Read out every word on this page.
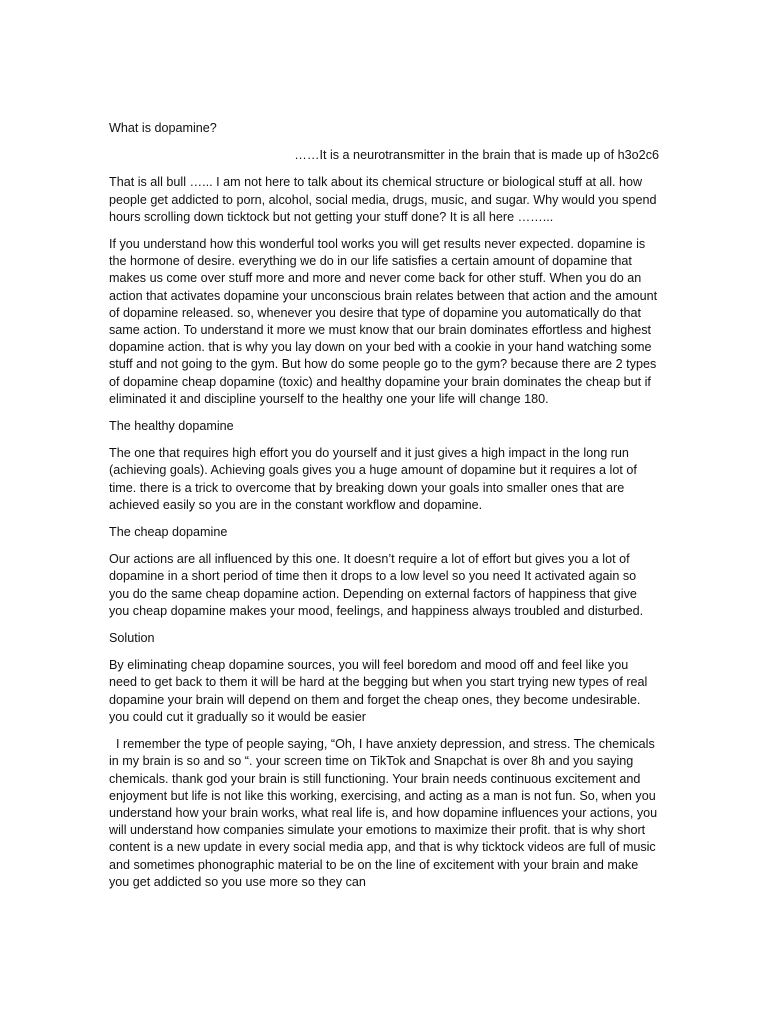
What is dopamine?

……It is a neurotransmitter in the brain that is made up of h3o2c6

That is all bull …... I am not here to talk about its chemical structure or biological stuff at all. how people get addicted to porn, alcohol, social media, drugs, music, and sugar. Why would you spend hours scrolling down ticktock but not getting your stuff done? It is all here ……...

If you understand how this wonderful tool works you will get results never expected. dopamine is the hormone of desire. everything we do in our life satisfies a certain amount of dopamine that makes us come over stuff more and more and never come back for other stuff. When you do an action that activates dopamine your unconscious brain relates between that action and the amount of dopamine released. so, whenever you desire that type of dopamine you automatically do that same action. To understand it more we must know that our brain dominates effortless and highest dopamine action. that is why you lay down on your bed with a cookie in your hand watching some stuff and not going to the gym. But how do some people go to the gym? because there are 2 types of dopamine cheap dopamine (toxic) and healthy dopamine your brain dominates the cheap but if eliminated it and discipline yourself to the healthy one your life will change 180.

The healthy dopamine

The one that requires high effort you do yourself and it just gives a high impact in the long run (achieving goals). Achieving goals gives you a huge amount of dopamine but it requires a lot of time. there is a trick to overcome that by breaking down your goals into smaller ones that are achieved easily so you are in the constant workflow and dopamine.

The cheap dopamine

Our actions are all influenced by this one. It doesn’t require a lot of effort but gives you a lot of dopamine in a short period of time then it drops to a low level so you need It activated again so you do the same cheap dopamine action. Depending on external factors of happiness that give you cheap dopamine makes your mood, feelings, and happiness always troubled and disturbed.

Solution

By eliminating cheap dopamine sources, you will feel boredom and mood off and feel like you need to get back to them it will be hard at the begging but when you start trying new types of real dopamine your brain will depend on them and forget the cheap ones, they become undesirable. you could cut it gradually so it would be easier

I remember the type of people saying, “Oh, I have anxiety depression, and stress. The chemicals in my brain is so and so “. your screen time on TikTok and Snapchat is over 8h and you saying chemicals. thank god your brain is still functioning. Your brain needs continuous excitement and enjoyment but life is not like this working, exercising, and acting as a man is not fun. So, when you understand how your brain works, what real life is, and how dopamine influences your actions, you will understand how companies simulate your emotions to maximize their profit. that is why short content is a new update in every social media app, and that is why ticktock videos are full of music and sometimes phonographic material to be on the line of excitement with your brain and make you get addicted so you use more so they can
